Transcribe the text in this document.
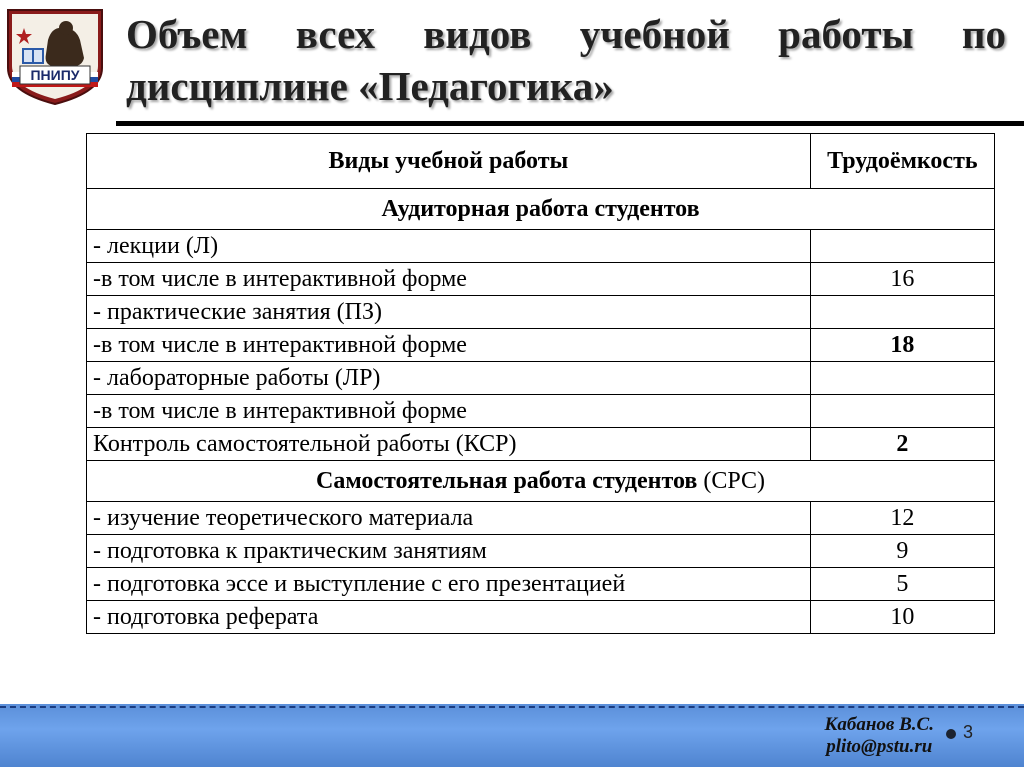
ПНИПУ
Объем всех видов учебной работы по дисциплине «Педагогика»
Виды учебной работы	Трудоёмкость
Аудиторная работа студентов	
- лекции (Л)	
-в том числе в интерактивной форме	16
- практические занятия (ПЗ)	
-в том числе в интерактивной форме	18
- лабораторные работы (ЛР)	
-в том числе в интерактивной форме	
Контроль самостоятельной работы (КСР)	2
Самостоятельная работа студентов (СРС)	
- изучение теоретического материала	12
- подготовка к практическим занятиям	9
- подготовка эссе и выступление с его презентацией	5
- подготовка реферата	10
Кабанов В.С.
plito@pstu.ru
3
